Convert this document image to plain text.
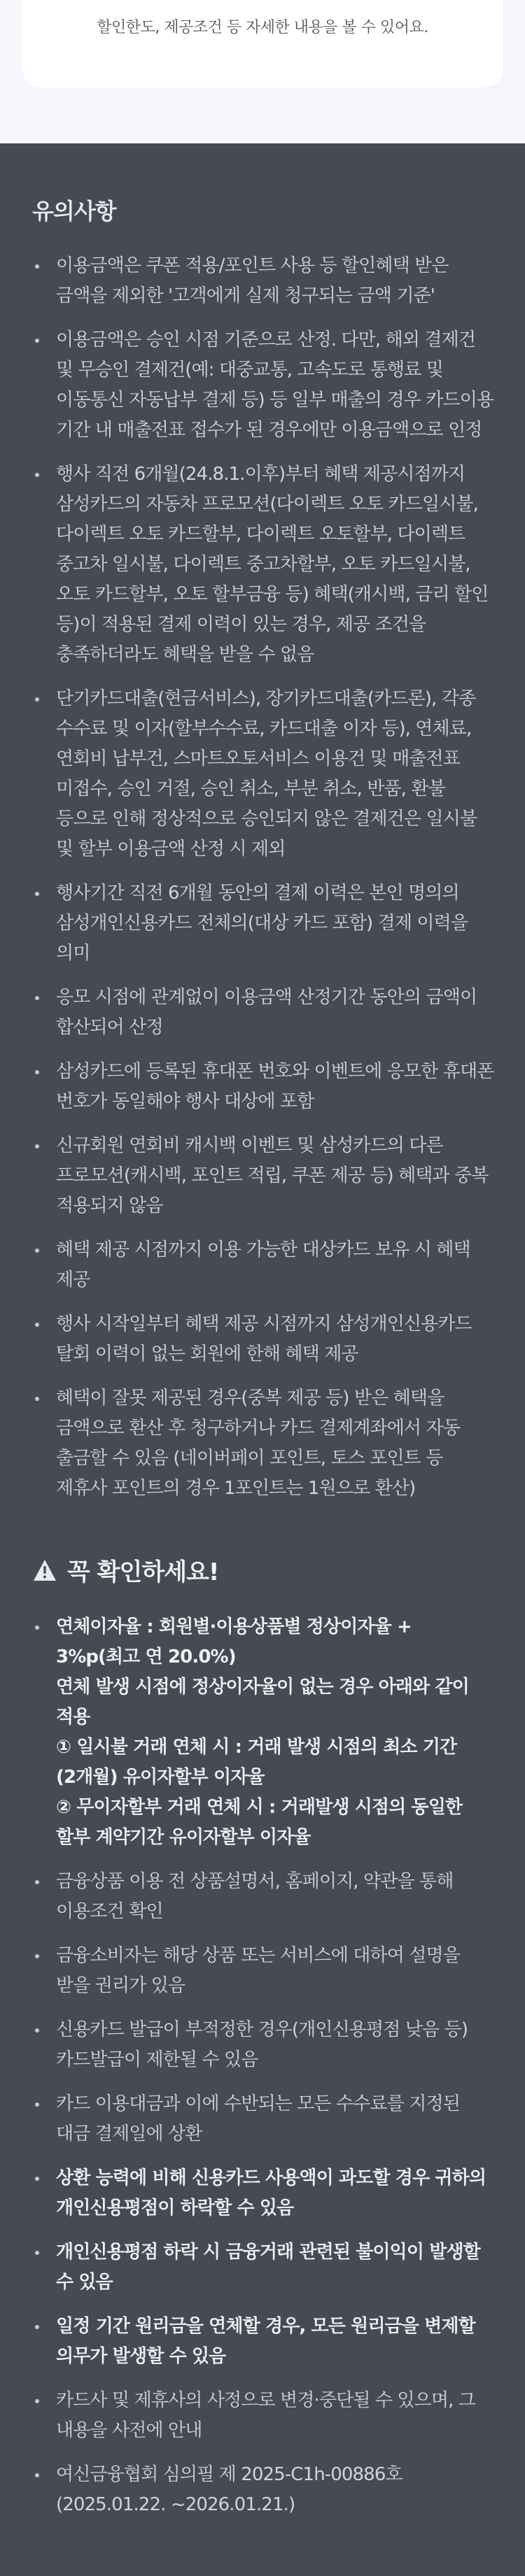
할인한도, 제공조건 등 자세한 내용을 볼 수 있어요.
유의사항
이용금액은 쿠폰 적용/포인트 사용 등 할인혜택 받은 금액을 제외한 '고객에게 실제 청구되는 금액 기준'
이용금액은 승인 시점 기준으로 산정. 다만, 해외 결제건 및 무승인 결제건(예: 대중교통, 고속도로 통행료 및 이동통신 자동납부 결제 등) 등 일부 매출의 경우 카드이용 기간 내 매출전표 접수가 된 경우에만 이용금액으로 인정
행사 직전 6개월(24.8.1.이후)부터 혜택 제공시점까지 삼성카드의 자동차 프로모션(다이렉트 오토 카드일시불, 다이렉트 오토 카드할부, 다이렉트 오토할부, 다이렉트 중고차 일시불, 다이렉트 중고차할부, 오토 카드일시불, 오토 카드할부, 오토 할부금융 등) 혜택(캐시백, 금리 할인 등)이 적용된 결제 이력이 있는 경우, 제공 조건을 충족하더라도 혜택을 받을 수 없음
단기카드대출(현금서비스), 장기카드대출(카드론), 각종 수수료 및 이자(할부수수료, 카드대출 이자 등), 연체료, 연회비 납부건, 스마트오토서비스 이용건 및 매출전표 미접수, 승인 거절, 승인 취소, 부분 취소, 반품, 환불 등으로 인해 정상적으로 승인되지 않은 결제건은 일시불 및 할부 이용금액 산정 시 제외
행사기간 직전 6개월 동안의 결제 이력은 본인 명의의 삼성개인신용카드 전체의(대상 카드 포함) 결제 이력을 의미
응모 시점에 관계없이 이용금액 산정기간 동안의 금액이 합산되어 산정
삼성카드에 등록된 휴대폰 번호와 이벤트에 응모한 휴대폰 번호가 동일해야 행사 대상에 포함
신규회원 연회비 캐시백 이벤트 및 삼성카드의 다른 프로모션(캐시백, 포인트 적립, 쿠폰 제공 등) 혜택과 중복 적용되지 않음
혜택 제공 시점까지 이용 가능한 대상카드 보유 시 혜택 제공
행사 시작일부터 혜택 제공 시점까지 삼성개인신용카드 탈회 이력이 없는 회원에 한해 혜택 제공
혜택이 잘못 제공된 경우(중복 제공 등) 받은 혜택을 금액으로 환산 후 청구하거나 카드 결제계좌에서 자동 출금할 수 있음 (네이버페이 포인트, 토스 포인트 등 제휴사 포인트의 경우 1포인트는 1원으로 환산)
꼭 확인하세요!
연체이자율 : 회원별·이용상품별 정상이자율 + 3%p(최고 연 20.0%)
연체 발생 시점에 정상이자율이 없는 경우 아래와 같이 적용
① 일시불 거래 연체 시 : 거래 발생 시점의 최소 기간 (2개월) 유이자할부 이자율
② 무이자할부 거래 연체 시 : 거래발생 시점의 동일한 할부 계약기간 유이자할부 이자율
금융상품 이용 전 상품설명서, 홈페이지, 약관을 통해 이용조건 확인
금융소비자는 해당 상품 또는 서비스에 대하여 설명을 받을 권리가 있음
신용카드 발급이 부적정한 경우(개인신용평점 낮음 등) 카드발급이 제한될 수 있음
카드 이용대금과 이에 수반되는 모든 수수료를 지정된 대금 결제일에 상환
상환 능력에 비해 신용카드 사용액이 과도할 경우 귀하의 개인신용평점이 하락할 수 있음
개인신용평점 하락 시 금융거래 관련된 불이익이 발생할 수 있음
일정 기간 원리금을 연체할 경우, 모든 원리금을 변제할 의무가 발생할 수 있음
카드사 및 제휴사의 사정으로 변경·중단될 수 있으며, 그 내용을 사전에 안내
여신금융협회 심의필 제 2025-C1h-00886호 (2025.01.22. ~2026.01.21.)
